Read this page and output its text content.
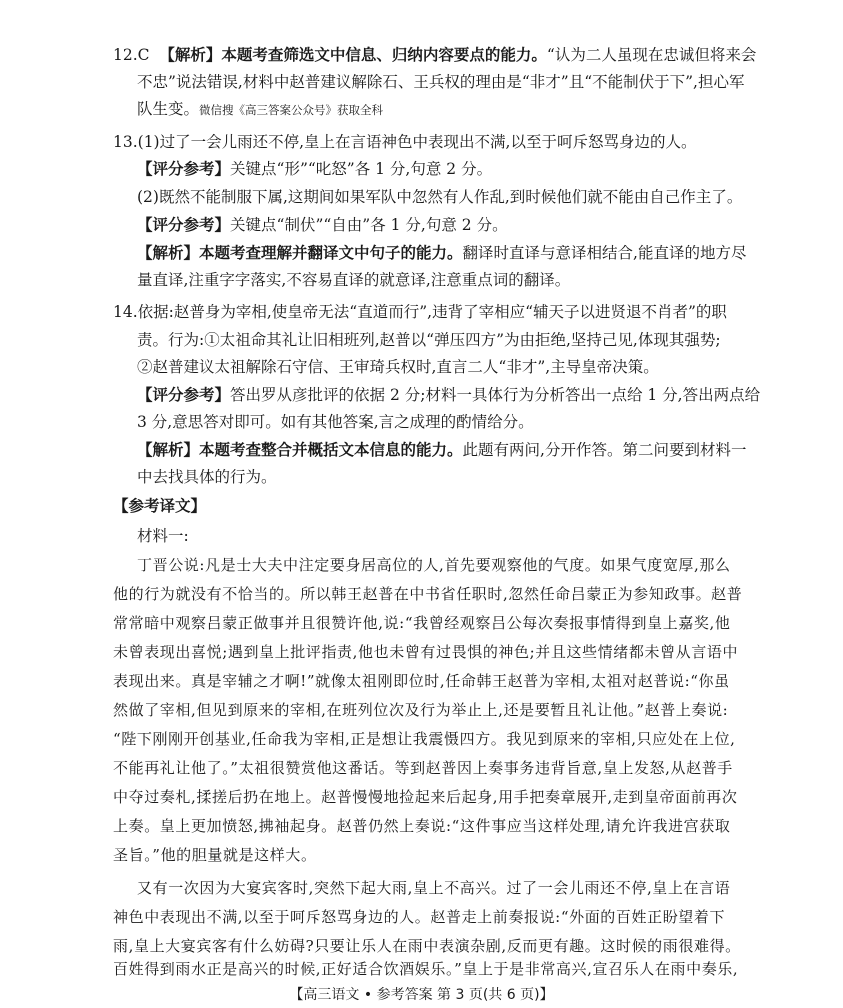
12.C 【解析】本题考查筛选文中信息、归纳内容要点的能力。“认为二人虽现在忠诚但将来会
不忠”说法错误,材料中赵普建议解除石、王兵权的理由是“非才”且“不能制伏于下”,担心军
队生变。微信搜《高三答案公众号》获取全科
13.(1)过了一会儿雨还不停,皇上在言语神色中表现出不满,以至于呵斥怒骂身边的人。
【评分参考】关键点“形”“叱怒”各 1 分,句意 2 分。
(2)既然不能制服下属,这期间如果军队中忽然有人作乱,到时候他们就不能由自己作主了。
【评分参考】关键点“制伏”“自由”各 1 分,句意 2 分。
【解析】本题考查理解并翻译文中句子的能力。翻译时直译与意译相结合,能直译的地方尽
量直译,注重字字落实,不容易直译的就意译,注意重点词的翻译。
14.依据:赵普身为宰相,使皇帝无法“直道而行”,违背了宰相应“辅天子以进贤退不肖者”的职
责。行为:①太祖命其礼让旧相班列,赵普以“弹压四方”为由拒绝,坚持己见,体现其强势;
②赵普建议太祖解除石守信、王审琦兵权时,直言二人“非才”,主导皇帝决策。
【评分参考】答出罗从彦批评的依据 2 分;材料一具体行为分析答出一点给 1 分,答出两点给
3 分,意思答对即可。如有其他答案,言之成理的酌情给分。
【解析】本题考查整合并概括文本信息的能力。此题有两问,分开作答。第二问要到材料一
中去找具体的行为。
【参考译文】
材料一:
丁晋公说:凡是士大夫中注定要身居高位的人,首先要观察他的气度。如果气度宽厚,那么
他的行为就没有不恰当的。所以韩王赵普在中书省任职时,忽然任命吕蒙正为参知政事。赵普
常常暗中观察吕蒙正做事并且很赞许他,说:“我曾经观察吕公每次奏报事情得到皇上嘉奖,他
未曾表现出喜悦;遇到皇上批评指责,他也未曾有过畏惧的神色;并且这些情绪都未曾从言语中
表现出来。真是宰辅之才啊!”就像太祖刚即位时,任命韩王赵普为宰相,太祖对赵普说:“你虽
然做了宰相,但见到原来的宰相,在班列位次及行为举止上,还是要暂且礼让他。”赵普上奏说:
“陛下刚刚开创基业,任命我为宰相,正是想让我震慑四方。我见到原来的宰相,只应处在上位,
不能再礼让他了。”太祖很赞赏他这番话。等到赵普因上奏事务违背旨意,皇上发怒,从赵普手
中夺过奏札,揉搓后扔在地上。赵普慢慢地捡起来后起身,用手把奏章展开,走到皇帝面前再次
上奏。皇上更加愤怒,拂袖起身。赵普仍然上奏说:“这件事应当这样处理,请允许我进宫获取
圣旨。”他的胆量就是这样大。
又有一次因为大宴宾客时,突然下起大雨,皇上不高兴。过了一会儿雨还不停,皇上在言语
神色中表现出不满,以至于呵斥怒骂身边的人。赵普走上前奏报说:“外面的百姓正盼望着下
雨,皇上大宴宾客有什么妨碍?只要让乐人在雨中表演杂剧,反而更有趣。这时候的雨很难得。
【高三语文 • 参考答案 第 3 页(共 6 页)】
百姓得到雨水正是高兴的时候,正好适合饮酒娱乐。”皇上于是非常高兴,宣召乐人在雨中奏乐,
